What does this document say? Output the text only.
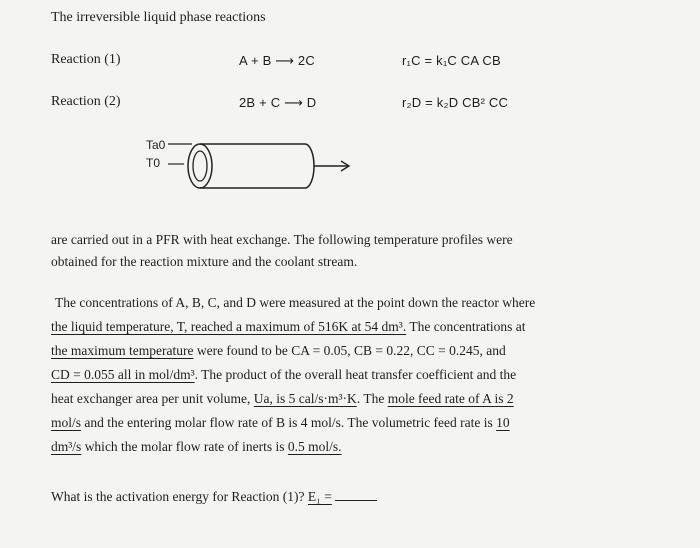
The irreversible liquid phase reactions
Reaction (1)	A + B ⟶ 2C	r₁C = k₁C CA CB
Reaction (2)	2B + C ⟶ D	r₂D = k₂D CB² CC
Ta0
T0
are carried out in a PFR with heat exchange. The following temperature profiles were
obtained for the reaction mixture and the coolant stream.
The concentrations of A, B, C, and D were measured at the point down the reactor where
the liquid temperature, T, reached a maximum of 516K at 54 dm³. The concentrations at
the maximum temperature were found to be CA = 0.05, CB = 0.22, CC = 0.245, and
CD = 0.055 all in mol/dm³. The product of the overall heat transfer coefficient and the
heat exchanger area per unit volume, Ua, is 5 cal/s·m³·K. The mole feed rate of A is 2
mol/s and the entering molar flow rate of B is 4 mol/s. The volumetric feed rate is 10
dm³/s which the molar flow rate of inerts is 0.5 mol/s.
What is the activation energy for Reaction (1)? E₁ =
